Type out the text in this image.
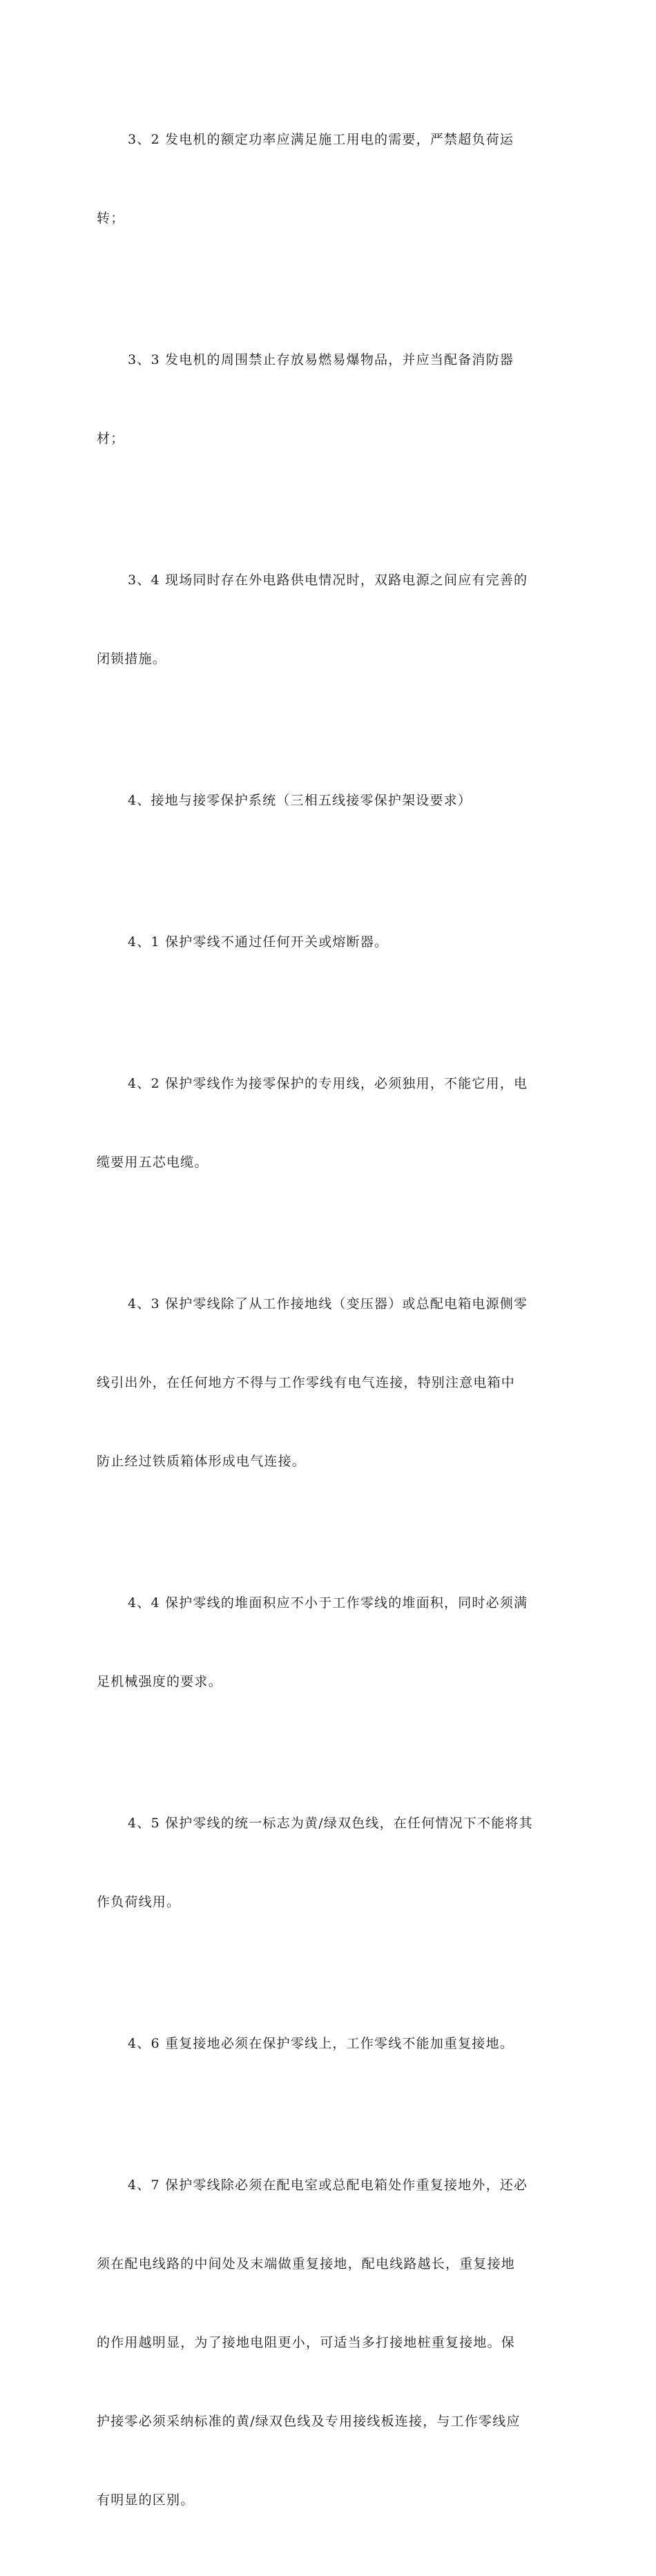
3、2 发电机的额定功率应满足施工用电的需要，严禁超负荷运

转；

3、3 发电机的周围禁止存放易燃易爆物品，并应当配备消防器

材；

3、4 现场同时存在外电路供电情况时，双路电源之间应有完善的

闭锁措施。

4、接地与接零保护系统（三相五线接零保护架设要求）

4、1 保护零线不通过任何开关或熔断器。

4、2 保护零线作为接零保护的专用线，必须独用，不能它用，电

缆要用五芯电缆。

4、3 保护零线除了从工作接地线（变压器）或总配电箱电源侧零

线引出外，在任何地方不得与工作零线有电气连接，特别注意电箱中

防止经过铁质箱体形成电气连接。

4、4 保护零线的堆面积应不小于工作零线的堆面积，同时必须满

足机械强度的要求。

4、5 保护零线的统一标志为黄/绿双色线，在任何情况下不能将其

作负荷线用。

4、6 重复接地必须在保护零线上，工作零线不能加重复接地。

4、7 保护零线除必须在配电室或总配电箱处作重复接地外，还必

须在配电线路的中间处及末端做重复接地，配电线路越长，重复接地

的作用越明显，为了接地电阻更小，可适当多打接地桩重复接地。保

护接零必须采纳标准的黄/绿双色线及专用接线板连接，与工作零线应

有明显的区别。
